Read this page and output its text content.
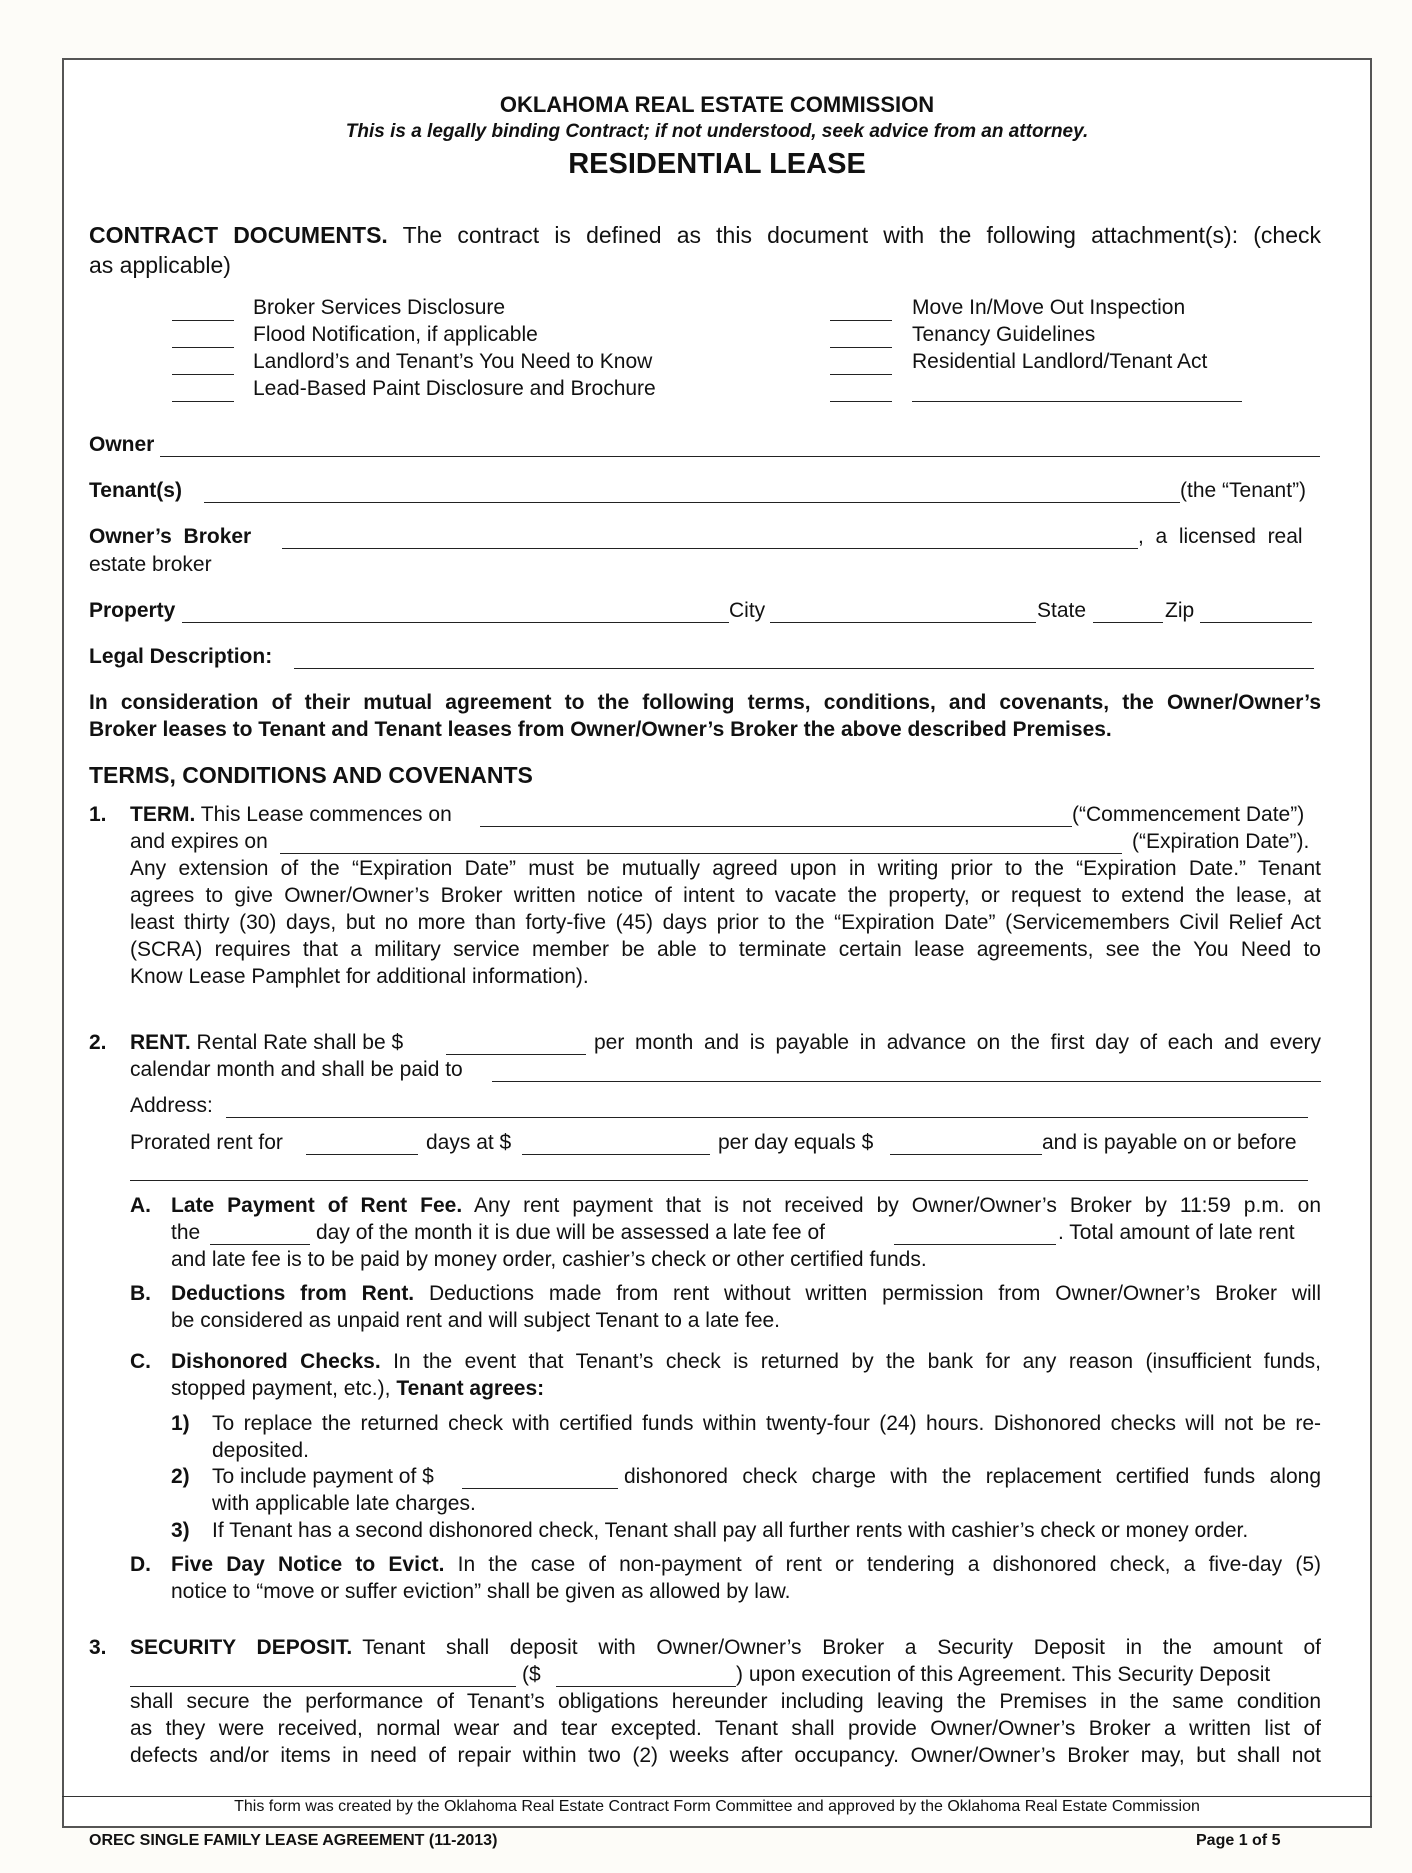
OKLAHOMA REAL ESTATE COMMISSION
This is a legally binding Contract; if not understood, seek advice from an attorney.
RESIDENTIAL LEASE
CONTRACT DOCUMENTS. The contract is defined as this document with the following attachment(s): (check
as applicable)
Broker Services Disclosure
Flood Notification, if applicable
Landlord’s and Tenant’s You Need to Know
Lead-Based Paint Disclosure and Brochure
Move In/Move Out Inspection
Tenancy Guidelines
Residential Landlord/Tenant Act
Owner
Tenant(s)	(the “Tenant”)
Owner’s  Broker	,  a  licensed  real
estate broker
Property	City	State	Zip
Legal Description:
In consideration of their mutual agreement to the following terms, conditions, and covenants, the Owner/Owner’s
Broker leases to Tenant and Tenant leases from Owner/Owner’s Broker the above described Premises.
TERMS, CONDITIONS AND COVENANTS
1. TERM. This Lease commences on	(“Commencement Date”)
and expires on	(“Expiration Date”).
Any extension of the “Expiration Date” must be mutually agreed upon in writing prior to the “Expiration Date.” Tenant
agrees to give Owner/Owner’s Broker written notice of intent to vacate the property, or request to extend the lease, at
least thirty (30) days, but no more than forty-five (45) days prior to the “Expiration Date” (Servicemembers Civil Relief Act
(SCRA) requires that a military service member be able to terminate certain lease agreements, see the You Need to
Know Lease Pamphlet for additional information).
2. RENT. Rental Rate shall be $	per month and is payable in advance on the first day of each and every
calendar month and shall be paid to
Address:
Prorated rent for	days at $	per day equals $	and is payable on or before
A. Late Payment of Rent Fee. Any rent payment that is not received by Owner/Owner’s Broker by 11:59 p.m. on
the	day of the month it is due will be assessed a late fee of	. Total amount of late rent
and late fee is to be paid by money order, cashier’s check or other certified funds.
B. Deductions from Rent. Deductions made from rent without written permission from Owner/Owner’s Broker will
be considered as unpaid rent and will subject Tenant to a late fee.
C. Dishonored Checks. In the event that Tenant’s check is returned by the bank for any reason (insufficient funds,
stopped payment, etc.), Tenant agrees:
1) To replace the returned check with certified funds within twenty-four (24) hours. Dishonored checks will not be re-
deposited.
2) To include payment of $	dishonored check charge with the replacement certified funds along
with applicable late charges.
3) If Tenant has a second dishonored check, Tenant shall pay all further rents with cashier’s check or money order.
D. Five Day Notice to Evict. In the case of non-payment of rent or tendering a dishonored check, a five-day (5)
notice to “move or suffer eviction” shall be given as allowed by law.
3. SECURITY  DEPOSIT. Tenant  shall  deposit  with  Owner/Owner’s  Broker  a  Security  Deposit  in  the  amount  of
($	) upon execution of this Agreement. This Security Deposit
shall secure the performance of Tenant’s obligations hereunder including leaving the Premises in the same condition
as they were received, normal wear and tear excepted. Tenant shall provide Owner/Owner’s Broker a written list of
defects and/or items in need of repair within two (2) weeks after occupancy. Owner/Owner’s Broker may, but shall not
This form was created by the Oklahoma Real Estate Contract Form Committee and approved by the Oklahoma Real Estate Commission
OREC SINGLE FAMILY LEASE AGREEMENT (11-2013)	Page 1 of 5
